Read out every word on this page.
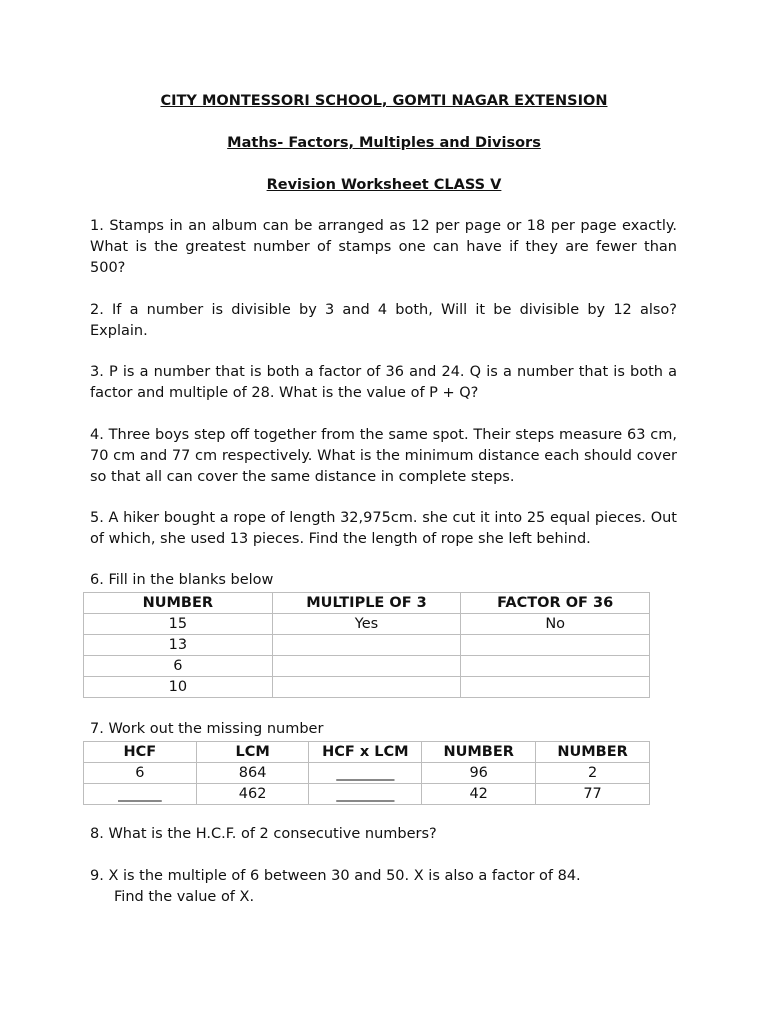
CITY MONTESSORI SCHOOL, GOMTI NAGAR EXTENSION
Maths- Factors, Multiples and Divisors
Revision Worksheet CLASS V
1. Stamps in an album can be arranged as 12 per page or 18 per page exactly. What is the greatest number of stamps one can have if they are fewer than 500?
2. If a number is divisible by 3 and 4 both, Will it be divisible by 12 also? Explain.
3. P is a number that is both a factor of 36 and 24. Q is a number that is both a factor and multiple of 28. What is the value of P + Q?
4. Three boys step off together from the same spot. Their steps measure 63 cm, 70 cm and 77 cm respectively. What is the minimum distance each should cover so that all can cover the same distance in complete steps.
5. A hiker bought a rope of length 32,975cm. she cut it into 25 equal pieces. Out of which, she used 13 pieces. Find the length of rope she left behind.
6. Fill in the blanks below
NUMBER	MULTIPLE OF 3	FACTOR OF 36
15	Yes	No
13		
6		
10		
7. Work out the missing number
HCF	LCM	HCF x LCM	NUMBER	NUMBER
6	864	________	96	2
______	462	________	42	77
8. What is the H.C.F. of 2 consecutive numbers?
9. X is the multiple of 6 between 30 and 50. X is also a factor of 84.
Find the value of X.
